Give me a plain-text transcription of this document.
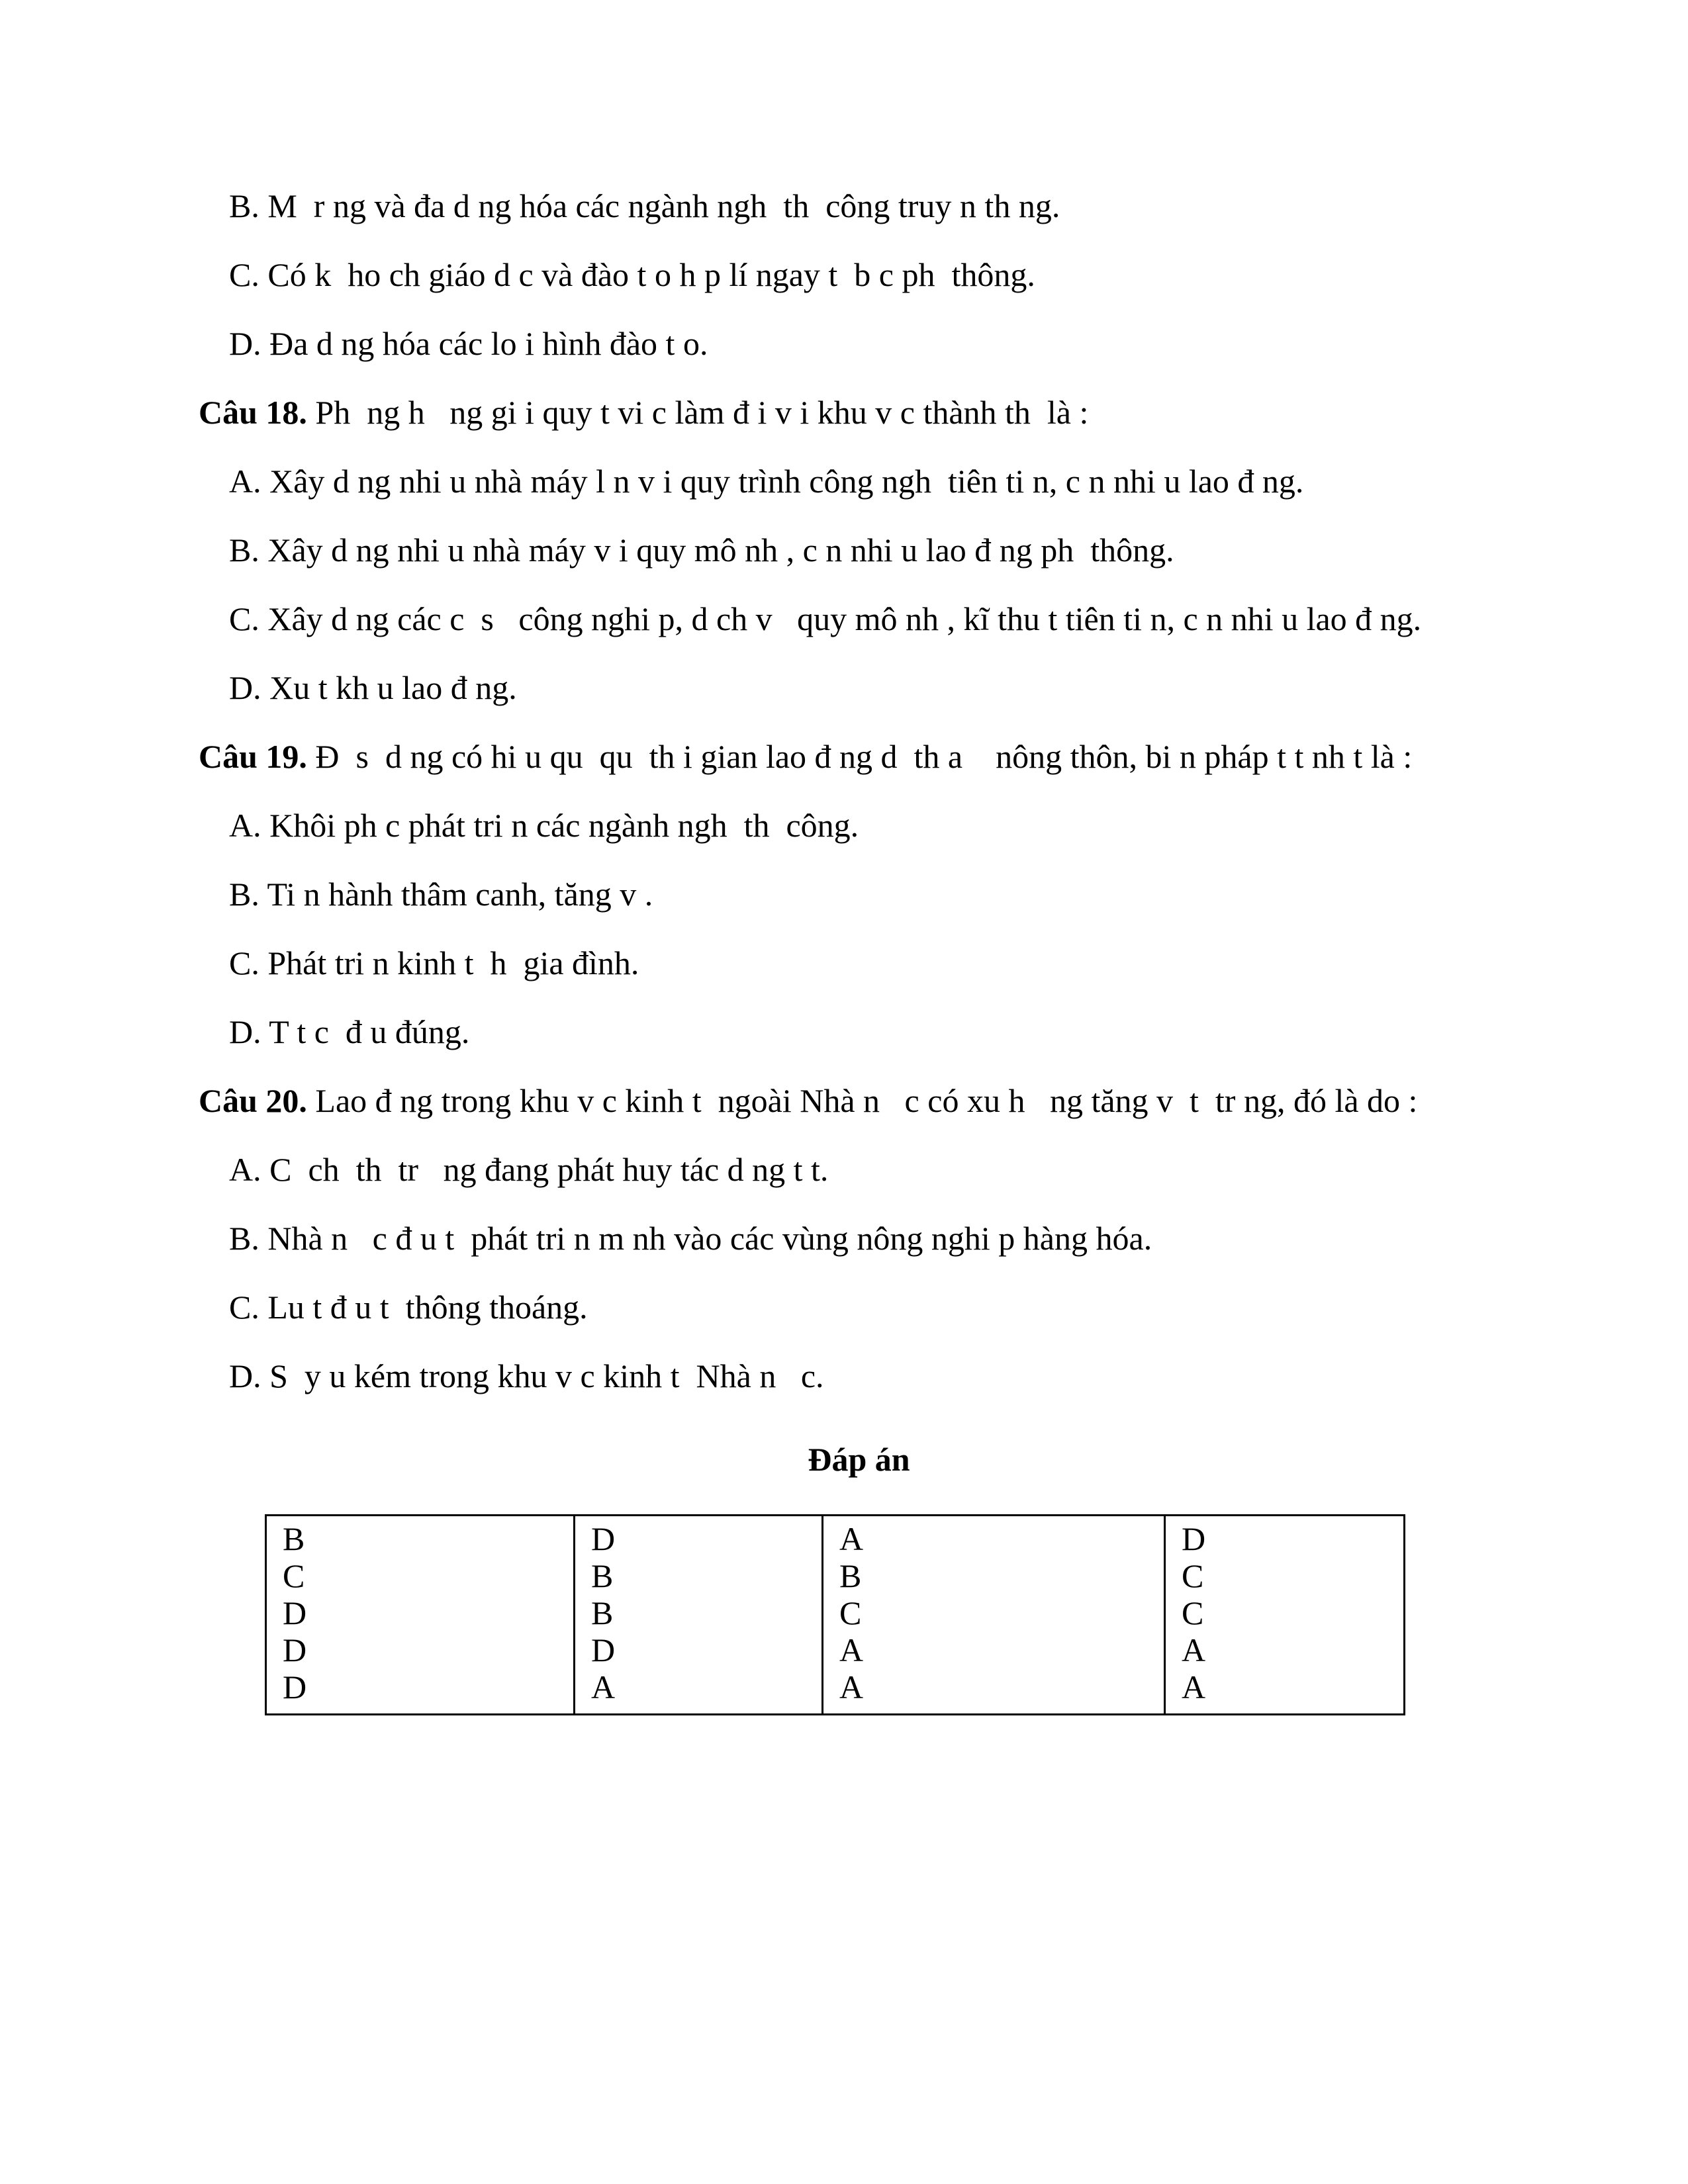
B. M  r ng và đa d ng hóa các ngành ngh  th  công truy n th ng.

C. Có k  ho ch giáo d c và đào t o h p lí ngay t  b c ph  thông.

D. Đa d ng hóa các lo i hình đào t o.

Câu 18. Ph  ng h   ng gi i quy t vi c làm đ i v i khu v c thành th  là :

A. Xây d ng nhi u nhà máy l n v i quy trình công ngh  tiên ti n, c n nhi u lao đ ng.

B. Xây d ng nhi u nhà máy v i quy mô nh , c n nhi u lao đ ng ph  thông.

C. Xây d ng các c  s   công nghi p, d ch v   quy mô nh , kĩ thu t tiên ti n, c n nhi u lao đ ng.

D. Xu t kh u lao đ ng.

Câu 19. Đ  s  d ng có hi u qu  qu  th i gian lao đ ng d  th a    nông thôn, bi n pháp t t nh t là :

A. Khôi ph c phát tri n các ngành ngh  th  công.

B. Ti n hành thâm canh, tăng v .

C. Phát tri n kinh t  h  gia đình.

D. T t c  đ u đúng.

Câu 20. Lao đ ng trong khu v c kinh t  ngoài Nhà n   c có xu h   ng tăng v  t  tr ng, đó là do :

A. C  ch  th  tr   ng đang phát huy tác d ng t t.

B. Nhà n   c đ u t  phát tri n m nh vào các vùng nông nghi p hàng hóa.

C. Lu t đ u t  thông thoáng.

D. S  y u kém trong khu v c kinh t  Nhà n   c.

Đáp án
B
C
D
D
D
D
B
B
D
A
A
B
C
A
A
D
C
C
A
A
